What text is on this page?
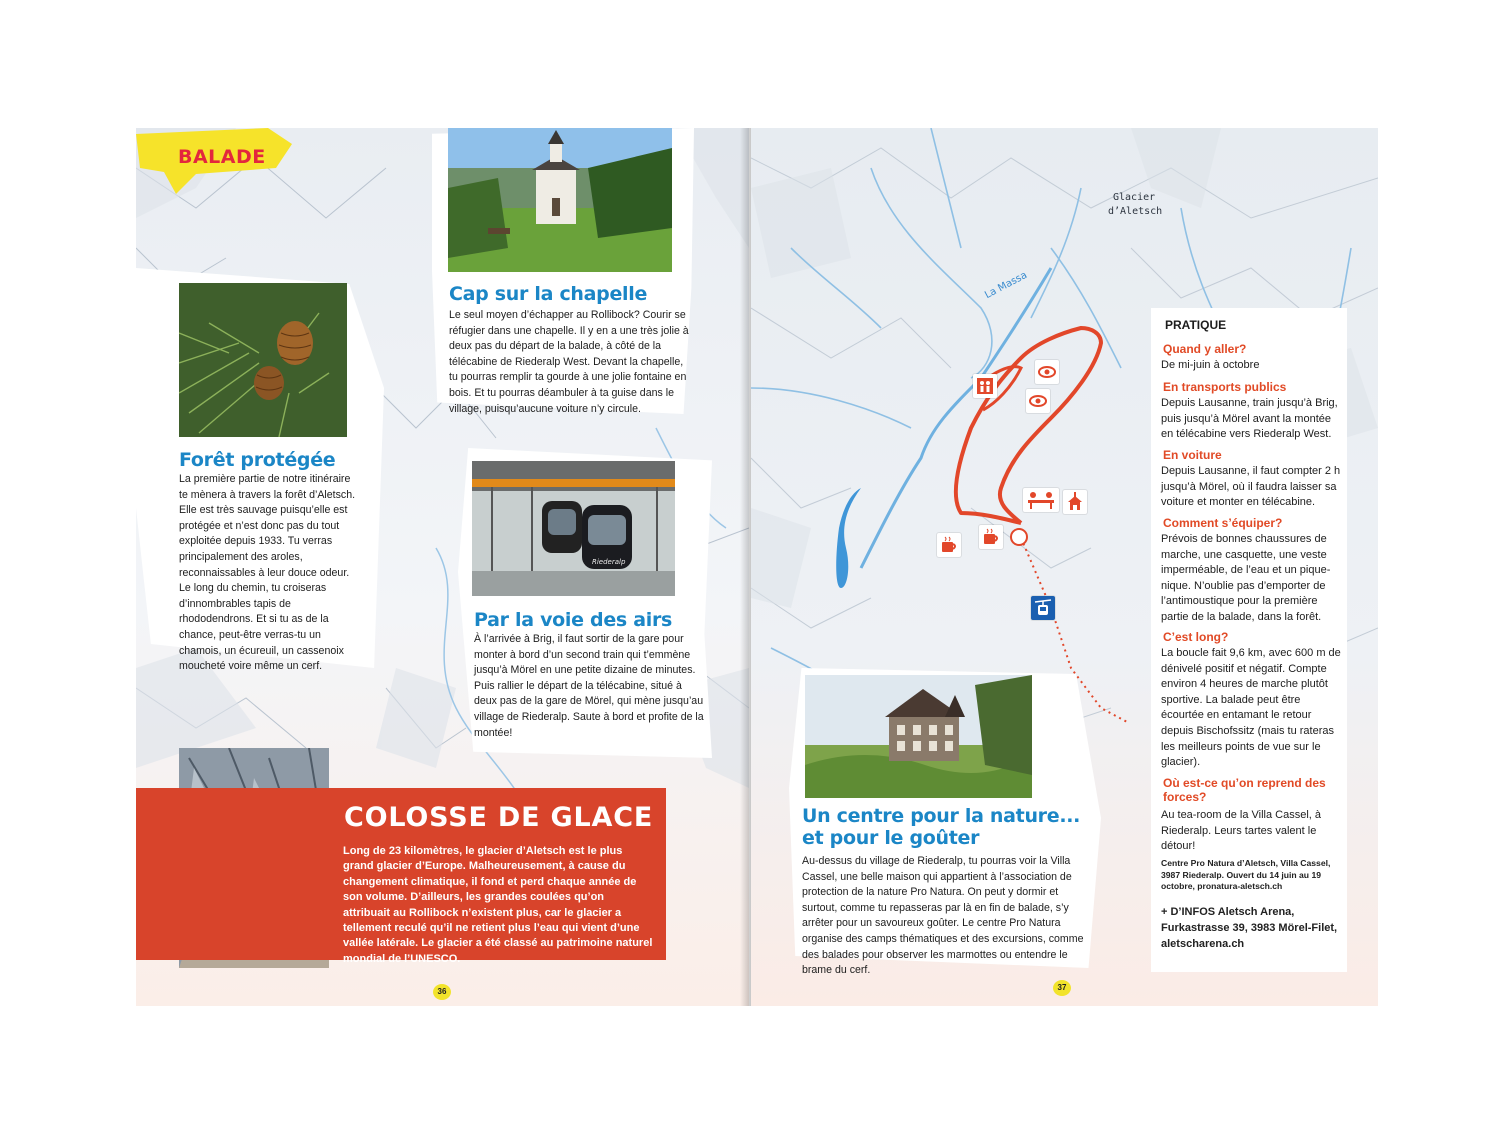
BALADE
Cap sur la chapelle

Le seul moyen d’échapper au Rollibock? Courir se réfugier dans une chapelle. Il y en a une très jolie à deux pas du départ de la balade, à côté de la télécabine de Riederalp West. Devant la chapelle, tu pourras remplir ta gourde à une jolie fontaine en bois. Et tu pourras déambuler à ta guise dans le village, puisqu’aucune voiture n’y circule.

Forêt protégée

La première partie de notre itinéraire te mènera à travers la forêt d’Aletsch. Elle est très sauvage puisqu’elle est protégée et n’est donc pas du tout exploitée depuis 1933. Tu verras principalement des aroles, reconnaissables à leur douce odeur. Le long du chemin, tu croiseras d’innombrables tapis de rhododendrons. Et si tu as de la chance, peut-être verras-tu un chamois, un écureuil, un cassenoix moucheté voire même un cerf.

Riederalp
Par la voie des airs

À l’arrivée à Brig, il faut sortir de la gare pour monter à bord d’un second train qui t’emmène jusqu’à Mörel en une petite dizaine de minutes. Puis rallier le départ de la télécabine, situé à deux pas de la gare de Mörel, qui mène jusqu’au village de Riederalp. Saute à bord et profite de la montée!

COLOSSE DE GLACE

Long de 23 kilomètres, le glacier d’Aletsch est le plus grand glacier d’Europe. Malheureusement, à cause du changement climatique, il fond et perd chaque année de son volume. D’ailleurs, les grandes coulées qu’on attribuait au Rollibock n’existent plus, car le glacier a tellement reculé qu’il ne retient plus l’eau qui vient d’une vallée latérale. Le glacier a été classé au patrimoine naturel mondial de l’UNESCO.

36
Glacier
d’Aletsch
La Massa
Un centre pour la nature...
et pour le goûter

Au-dessus du village de Riederalp, tu pourras voir la Villa Cassel, une belle maison qui appartient à l’association de protection de la nature Pro Natura. On peut y dormir et surtout, comme tu repasseras par là en fin de balade, s’y arrêter pour un savoureux goûter. Le centre Pro Natura organise des camps thématiques et des excursions, comme des balades pour observer les marmottes ou entendre le brame du cerf.

PRATIQUE

Quand y aller?

De mi-juin à octobre

En transports publics

Depuis Lausanne, train jusqu’à Brig, puis jusqu’à Mörel avant la montée en télécabine vers Riederalp West.

En voiture

Depuis Lausanne, il faut compter 2 h jusqu’à Mörel, où il faudra laisser sa voiture et monter en télécabine.

Comment s’équiper?

Prévois de bonnes chaussures de marche, une casquette, une veste imperméable, de l’eau et un pique-nique. N’oublie pas d’emporter de l’antimoustique pour la première partie de la balade, dans la forêt.

C’est long?

La boucle fait 9,6 km, avec 600 m de dénivelé positif et négatif. Compte environ 4 heures de marche plutôt sportive. La balade peut être écourtée en entamant le retour depuis Bischofssitz (mais tu rateras les meilleurs points de vue sur le glacier).

Où est-ce qu’on reprend des forces?

Au tea-room de la Villa Cassel, à Riederalp. Leurs tartes valent le détour!

Centre Pro Natura d’Aletsch, Villa Cassel, 3987 Riederalp. Ouvert du 14 juin au 19 octobre, pronatura-aletsch.ch

+ D’INFOS Aletsch Arena, Furkastrasse 39, 3983 Mörel-Filet, aletscharena.ch

37
